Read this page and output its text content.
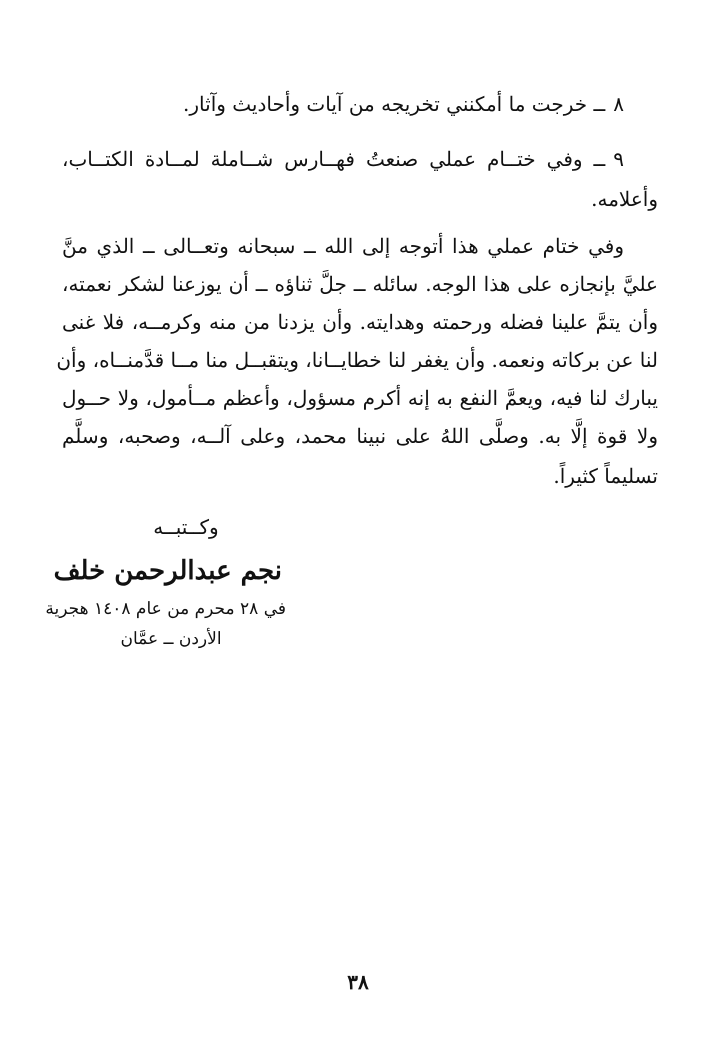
٨ــ خرجت ما أمكنني تخريجه من آيات وأحاديث وآثار.
٩ــ وفي ختــام عملي صنعتُ فهــارس شــاملة لمــادة الكتــاب،
وأعلامه.
وفي ختام عملي هذا أتوجه إلى الله ــ سبحانه وتعــالى ــ الذي منَّ
عليَّ بإنجازه على هذا الوجه. سائله ــ جلَّ ثناؤه ــ أن يوزعنا لشكر نعمته،
وأن يتمَّ علينا فضله ورحمته وهدايته. وأن يزدنا من منه وكرمــه، فلا غنى
لنا عن بركاته ونعمه. وأن يغفر لنا خطايــانا، ويتقبــل منا مــا قدَّمنــاه، وأن
يبارك لنا فيه، ويعمَّ النفع به إنه أكرم مسؤول، وأعظم مــأمول، ولا حــول
ولا قوة إلَّا به. وصلَّى اللهُ على نبينا محمد، وعلى آلــه، وصحبه، وسلَّم
تسليماً كثيراً.
وكــتبــه
نجم عبدالرحمن خلف
في ٢٨ محرم من عام ١٤٠٨ هجرية
الأردن ــ عمَّان
٣٨
